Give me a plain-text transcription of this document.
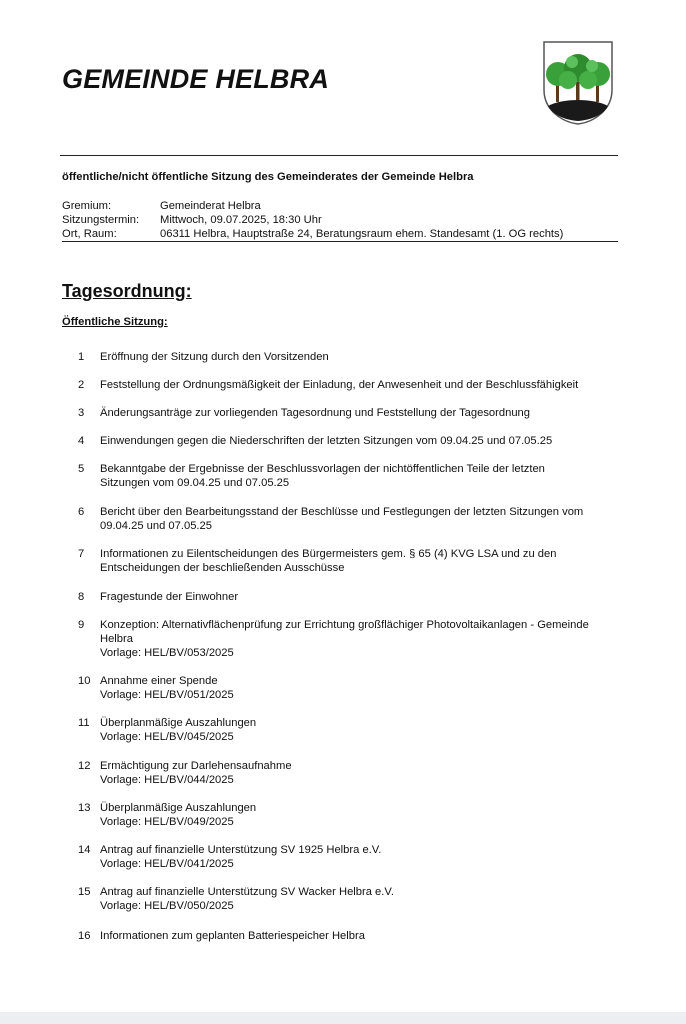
GEMEINDE HELBRA
öffentliche/nicht öffentliche Sitzung des Gemeinderates der Gemeinde Helbra
Gremium:	Gemeinderat Helbra
Sitzungstermin:	Mittwoch, 09.07.2025, 18:30 Uhr
Ort, Raum:	06311 Helbra, Hauptstraße 24, Beratungsraum ehem. Standesamt (1. OG rechts)
Tagesordnung:
Öffentliche Sitzung:
1	Eröffnung der Sitzung durch den Vorsitzenden
2	Feststellung der Ordnungsmäßigkeit der Einladung, der Anwesenheit und der Beschlussfähigkeit
3	Änderungsanträge zur vorliegenden Tagesordnung und Feststellung der Tagesordnung
4	Einwendungen gegen die Niederschriften der letzten Sitzungen vom 09.04.25 und 07.05.25
5	Bekanntgabe der Ergebnisse der Beschlussvorlagen der nichtöffentlichen Teile der letzten
Sitzungen vom 09.04.25 und 07.05.25
6	Bericht über den Bearbeitungsstand der Beschlüsse und Festlegungen der letzten Sitzungen vom
09.04.25 und 07.05.25
7	Informationen zu Eilentscheidungen des Bürgermeisters gem. § 65 (4) KVG LSA und zu den
Entscheidungen der beschließenden Ausschüsse
8	Fragestunde der Einwohner
9	Konzeption: Alternativflächenprüfung zur Errichtung großflächiger Photovoltaikanlagen - Gemeinde
Helbra
Vorlage: HEL/BV/053/2025
10 Annahme einer Spende
Vorlage: HEL/BV/051/2025
11 Überplanmäßige Auszahlungen
Vorlage: HEL/BV/045/2025
12 Ermächtigung zur Darlehensaufnahme
Vorlage: HEL/BV/044/2025
13 Überplanmäßige Auszahlungen
Vorlage: HEL/BV/049/2025
14 Antrag auf finanzielle Unterstützung SV 1925 Helbra e.V.
Vorlage: HEL/BV/041/2025
15 Antrag auf finanzielle Unterstützung SV Wacker Helbra e.V.
Vorlage: HEL/BV/050/2025
16 Informationen zum geplanten Batteriespeicher Helbra
